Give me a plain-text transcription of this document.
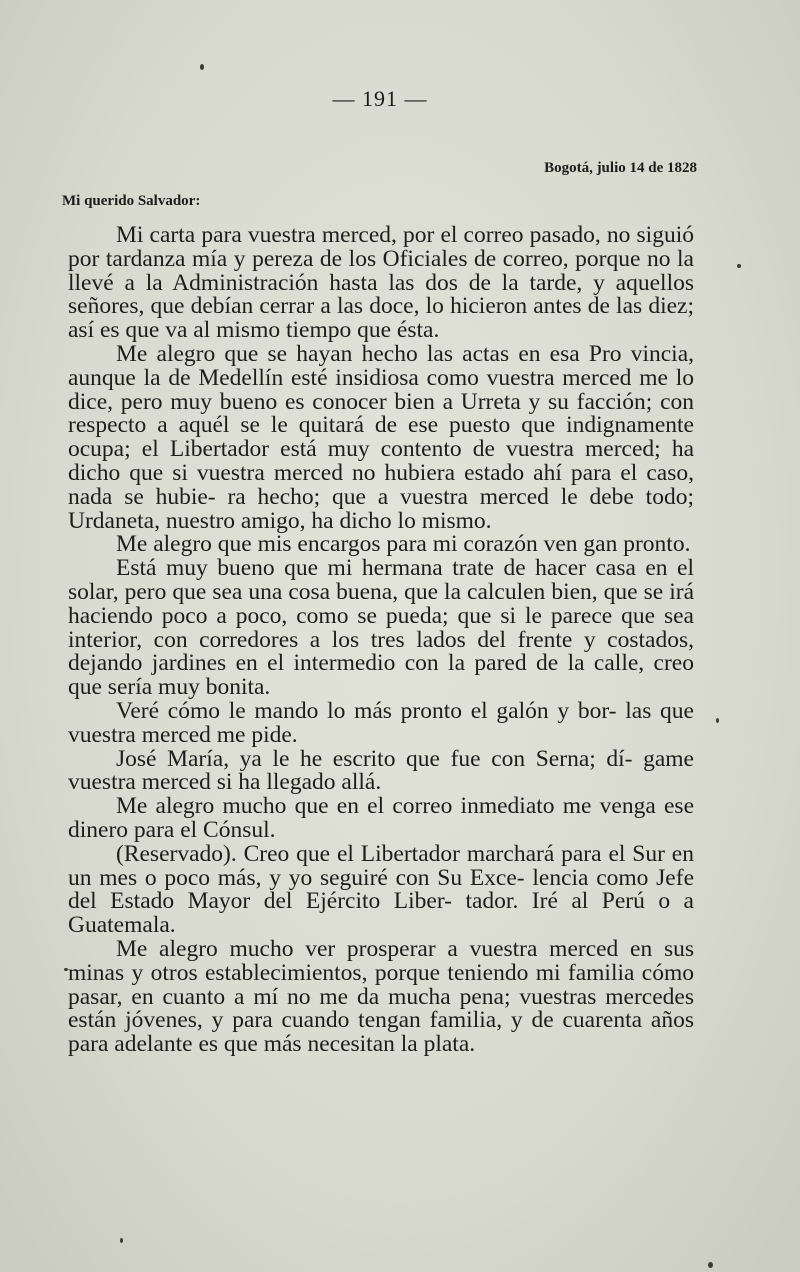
— 191 —
Bogotá, julio 14 de 1828
Mi querido Salvador:

Mi carta para vuestra merced, por el correo pasado, no siguió por tardanza mía y pereza de los Oficiales de correo, porque no la llevé a la Administración hasta las dos de la tarde, y aquellos señores, que debían cerrar a las doce, lo hicieron antes de las diez; así es que va al mismo tiempo que ésta.

Me alegro que se hayan hecho las actas en esa Pro vincia, aunque la de Medellín esté insidiosa como vuestra merced me lo dice, pero muy bueno es conocer bien a Urreta y su facción; con respecto a aquél se le quitará de ese puesto que indignamente ocupa; el Libertador está muy contento de vuestra merced; ha dicho que si vuestra merced no hubiera estado ahí para el caso, nada se hubie- ra hecho; que a vuestra merced le debe todo; Urdaneta, nuestro amigo, ha dicho lo mismo.

Me alegro que mis encargos para mi corazón ven gan pronto.

Está muy bueno que mi hermana trate de hacer casa en el solar, pero que sea una cosa buena, que la calculen bien, que se irá haciendo poco a poco, como se pueda; que si le parece que sea interior, con corredores a los tres lados del frente y costados, dejando jardines en el intermedio con la pared de la calle, creo que sería muy bonita.

Veré cómo le mando lo más pronto el galón y bor- las que vuestra merced me pide.

José María, ya le he escrito que fue con Serna; dí- game vuestra merced si ha llegado allá.

Me alegro mucho que en el correo inmediato me venga ese dinero para el Cónsul.

(Reservado). Creo que el Libertador marchará para el Sur en un mes o poco más, y yo seguiré con Su Exce- lencia como Jefe del Estado Mayor del Ejército Liber- tador. Iré al Perú o a Guatemala.

Me alegro mucho ver prosperar a vuestra merced en sus minas y otros establecimientos, porque teniendo mi familia cómo pasar, en cuanto a mí no me da mucha pena; vuestras mercedes están jóvenes, y para cuando tengan familia, y de cuarenta años para adelante es que más necesitan la plata.
